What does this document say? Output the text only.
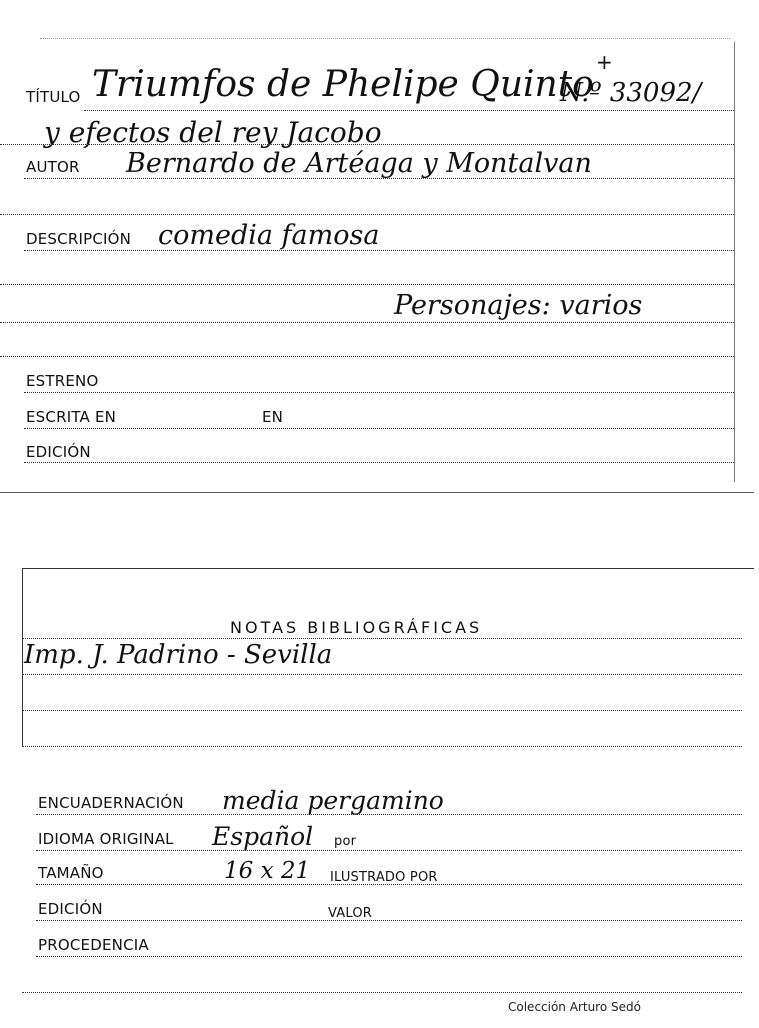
TÍTULO Triumfos de Phelipe Quinto
N.º 33092/
+
y efectos del rey Jacobo
AUTOR Bernardo de Artéaga y Montalvan
DESCRIPCIÓN comedia famosa
Personajes: varios
ESTRENO
ESCRITA EN	EN
EDICIÓN
NOTAS BIBLIOGRÁFICAS
Imp. J. Padrino - Sevilla
ENCUADERNACIÓN media pergamino
IDIOMA ORIGINAL Español por
TAMAÑO	16 x 21 ILUSTRADO POR
EDICIÓN	VALOR
PROCEDENCIA
Colección Arturo Sedó
